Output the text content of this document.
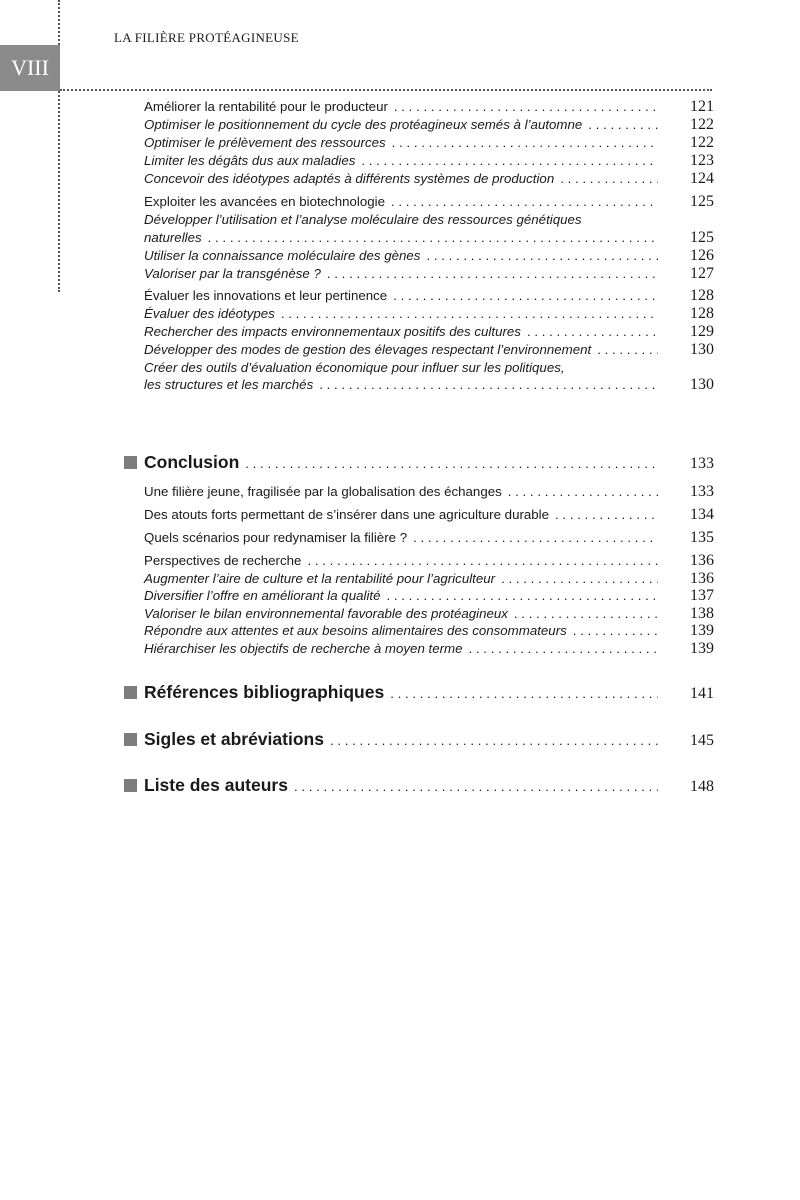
VIII
LA FILIÈRE PROTÉAGINEUSE
Améliorer la rentabilité pour le producteur . . .	121
Optimiser le positionnement du cycle des protéagineux semés à l’automne . . .	122
Optimiser le prélèvement des ressources . . .	122
Limiter les dégâts dus aux maladies . . .	123
Concevoir des idéotypes adaptés à différents systèmes de production . . .	124
Exploiter les avancées en biotechnologie . . .	125
Développer l’utilisation et l’analyse moléculaire des ressources génétiques
naturelles . . .	125
Utiliser la connaissance moléculaire des gènes . . .	126
Valoriser par la transgénèse ? . . .	127
Évaluer les innovations et leur pertinence . . .	128
Évaluer des idéotypes . . .	128
Rechercher des impacts environnementaux positifs des cultures . . .	129
Développer des modes de gestion des élevages respectant l’environnement . . .	130
Créer des outils d’évaluation économique pour influer sur les politiques,
les structures et les marchés . . .	130
Conclusion . . .	133
Une filière jeune, fragilisée par la globalisation des échanges . . .	133
Des atouts forts permettant de s’insérer dans une agriculture durable . . .	134
Quels scénarios pour redynamiser la filière ? . . .	135
Perspectives de recherche . . .	136
Augmenter l’aire de culture et la rentabilité pour l’agriculteur . . .	136
Diversifier l’offre en améliorant la qualité . . .	137
Valoriser le bilan environnemental favorable des protéagineux . . .	138
Répondre aux attentes et aux besoins alimentaires des consommateurs . . .	139
Hiérarchiser les objectifs de recherche à moyen terme . . .	139
Références bibliographiques . . .	141
Sigles et abréviations . . .	145
Liste des auteurs . . .	148
